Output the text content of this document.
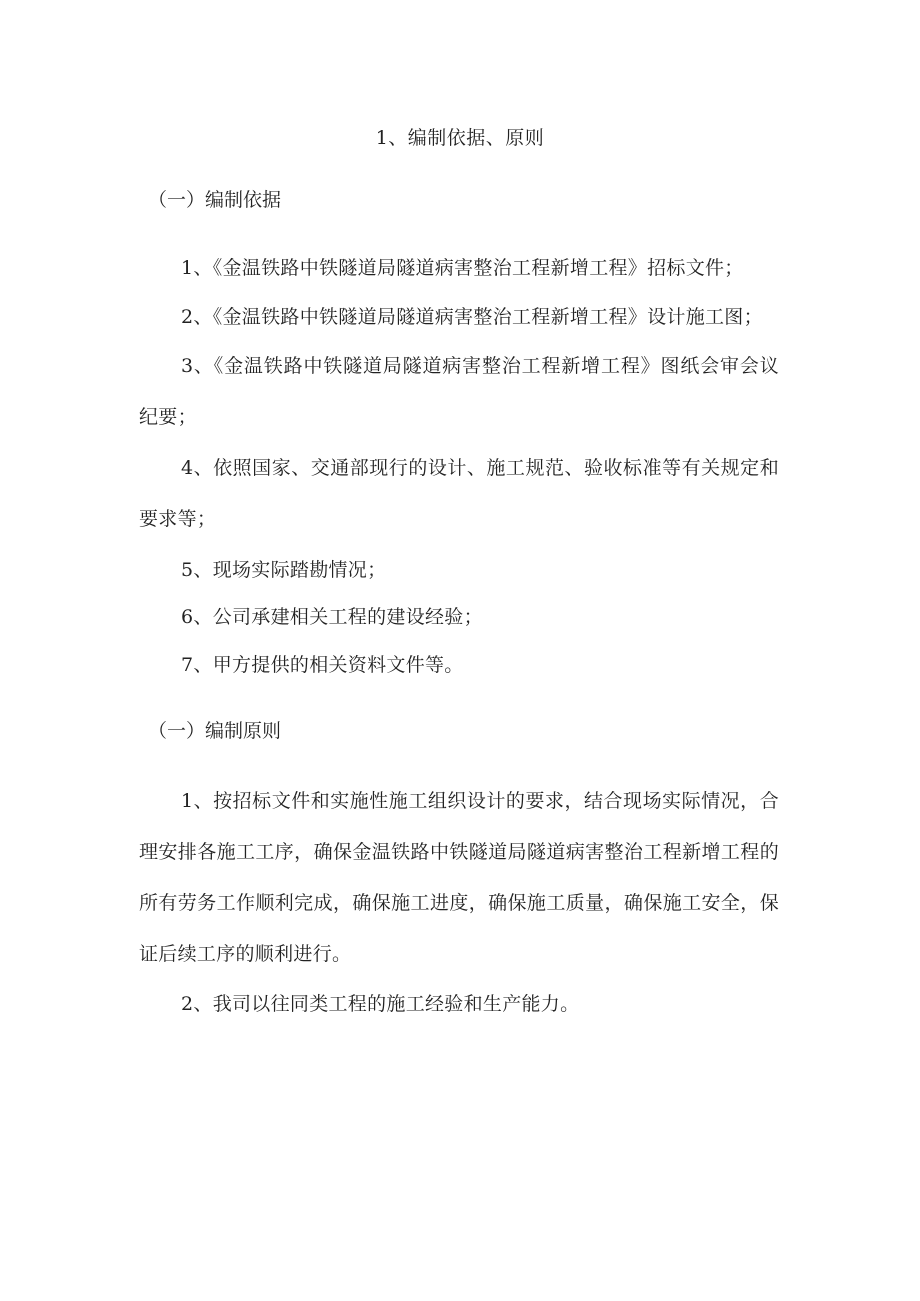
1、编制依据、原则
（一）编制依据
1、《金温铁路中铁隧道局隧道病害整治工程新增工程》招标文件；
2、《金温铁路中铁隧道局隧道病害整治工程新增工程》设计施工图；
3、《金温铁路中铁隧道局隧道病害整治工程新增工程》图纸会审会议纪要；
4、依照国家、交通部现行的设计、施工规范、验收标准等有关规定和要求等；
5、现场实际踏勘情况；
6、公司承建相关工程的建设经验；
7、甲方提供的相关资料文件等。
（一）编制原则
1、按招标文件和实施性施工组织设计的要求，结合现场实际情况，合理安排各施工工序，确保金温铁路中铁隧道局隧道病害整治工程新增工程的所有劳务工作顺利完成，确保施工进度，确保施工质量，确保施工安全，保证后续工序的顺利进行。
2、我司以往同类工程的施工经验和生产能力。
